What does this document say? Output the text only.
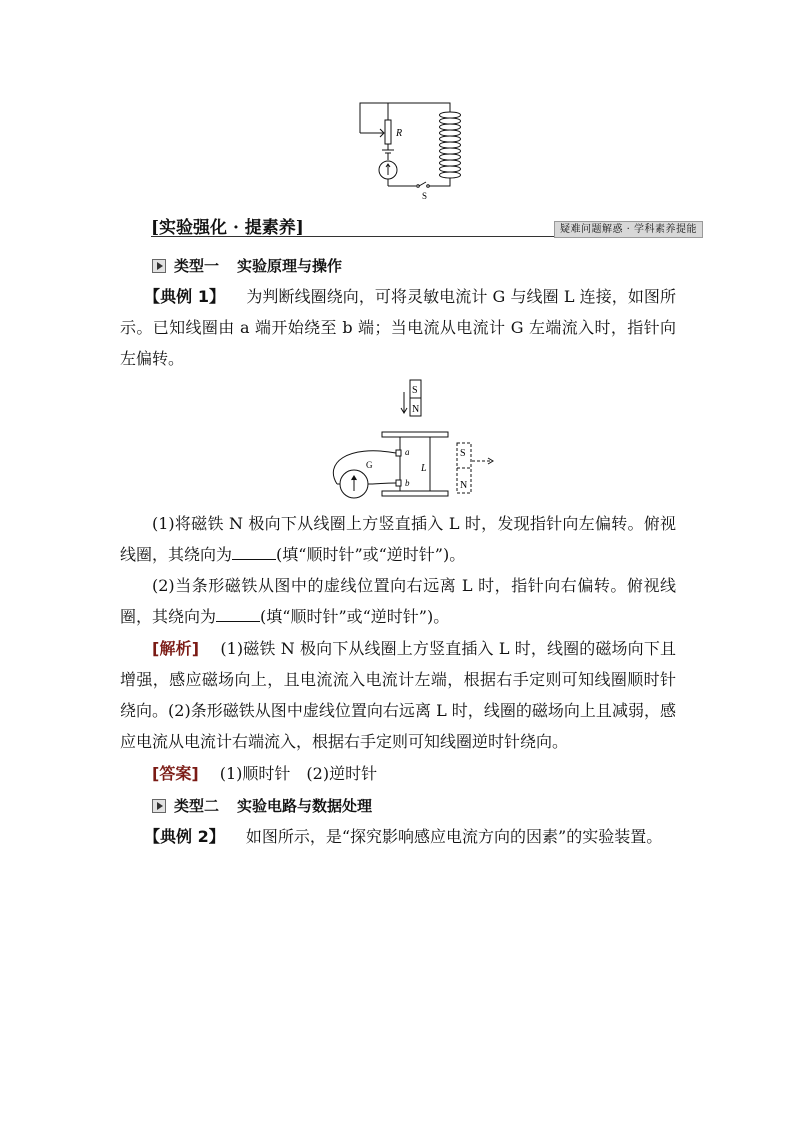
R
S
[实验强化 · 提素养]	疑难问题解惑 · 学科素养提能
类型一 实验原理与操作

【典例 1】 　 为判断线圈绕向，可将灵敏电流计 G 与线圈 L 连接，如图所示。已知线圈由 a 端开始绕至 b 端；当电流从电流计 G 左端流入时，指针向左偏转。

S
N
G
a
b
L
S
N

(1)将磁铁 N 极向下从线圈上方竖直插入 L 时，发现指针向左偏转。俯视线圈，其绕向为	(填“顺时针”或“逆时针”)。

(2)当条形磁铁从图中的虚线位置向右远离 L 时，指针向右偏转。俯视线圈，其绕向为	(填“顺时针”或“逆时针”)。

[解析] 　 (1)磁铁 N 极向下从线圈上方竖直插入 L 时，线圈的磁场向下且增强，感应磁场向上，且电流流入电流计左端，根据右手定则可知线圈顺时针绕向。(2)条形磁铁从图中虚线位置向右远离 L 时，线圈的磁场向上且减弱，感应电流从电流计右端流入，根据右手定则可知线圈逆时针绕向。

[答案] 　 (1)顺时针　(2)逆时针

类型二 实验电路与数据处理

【典例 2】 　 如图所示，是“探究影响感应电流方向的因素”的实验装置。
